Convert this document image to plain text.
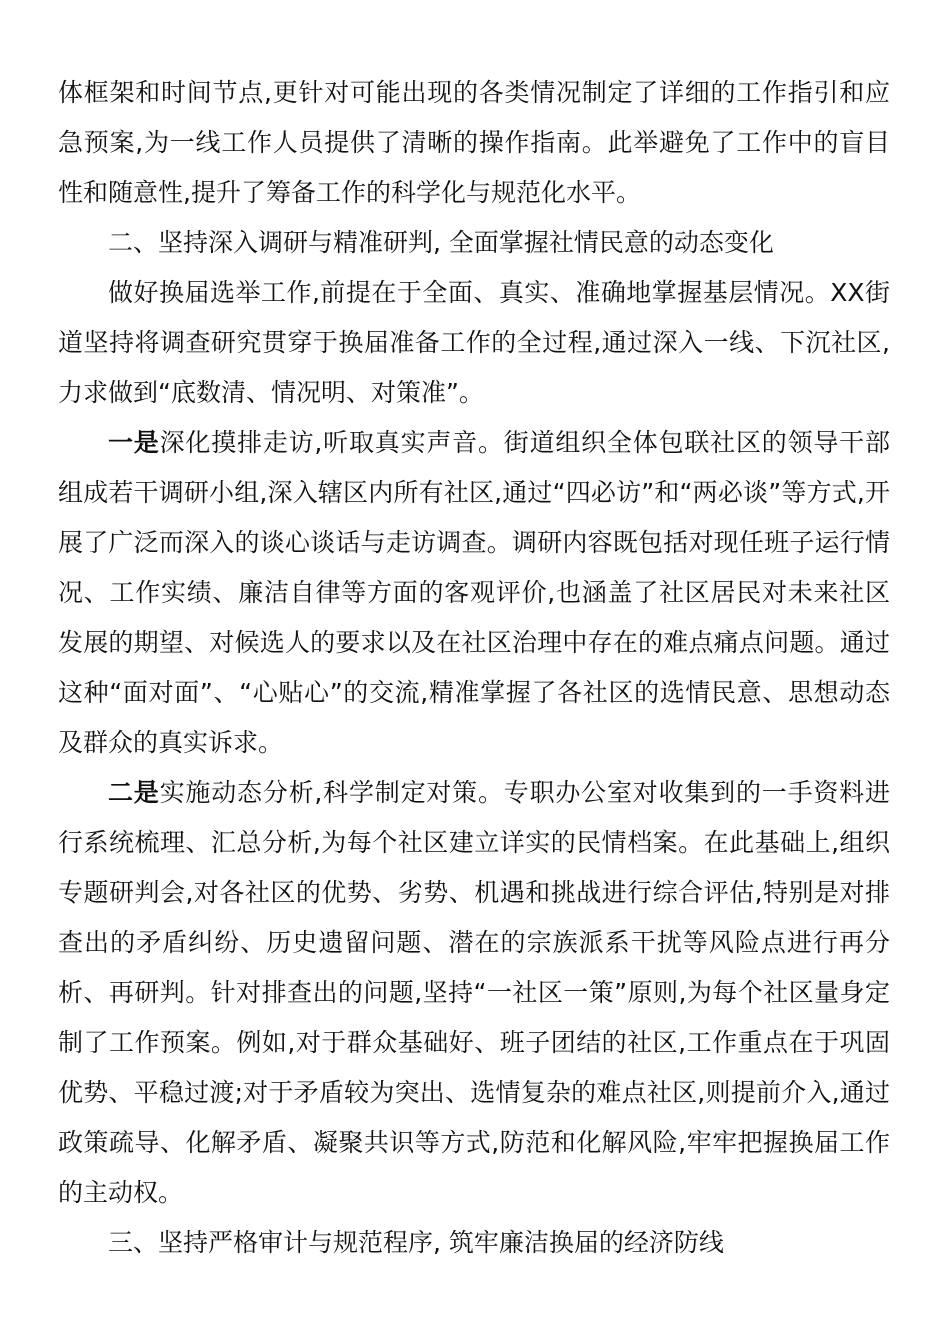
体框架和时间节点,更针对可能出现的各类情况制定了详细的工作指引和应急预案,为一线工作人员提供了清晰的操作指南。此举避免了工作中的盲目性和随意性,提升了筹备工作的科学化与规范化水平。

二、坚持深入调研与精准研判, 全面掌握社情民意的动态变化

做好换届选举工作,前提在于全面、真实、准确地掌握基层情况。XX街道坚持将调查研究贯穿于换届准备工作的全过程,通过深入一线、下沉社区,力求做到“底数清、情况明、对策准”。

一是深化摸排走访,听取真实声音。街道组织全体包联社区的领导干部组成若干调研小组,深入辖区内所有社区,通过“四必访”和“两必谈”等方式,开展了广泛而深入的谈心谈话与走访调查。调研内容既包括对现任班子运行情况、工作实绩、廉洁自律等方面的客观评价,也涵盖了社区居民对未来社区发展的期望、对候选人的要求以及在社区治理中存在的难点痛点问题。通过这种“面对面”、“心贴心”的交流,精准掌握了各社区的选情民意、思想动态及群众的真实诉求。

二是实施动态分析,科学制定对策。专职办公室对收集到的一手资料进行系统梳理、汇总分析,为每个社区建立详实的民情档案。在此基础上,组织专题研判会,对各社区的优势、劣势、机遇和挑战进行综合评估,特别是对排查出的矛盾纠纷、历史遗留问题、潜在的宗族派系干扰等风险点进行再分析、再研判。针对排查出的问题,坚持“一社区一策”原则,为每个社区量身定制了工作预案。例如,对于群众基础好、班子团结的社区,工作重点在于巩固优势、平稳过渡;对于矛盾较为突出、选情复杂的难点社区,则提前介入,通过政策疏导、化解矛盾、凝聚共识等方式,防范和化解风险,牢牢把握换届工作的主动权。

三、坚持严格审计与规范程序, 筑牢廉洁换届的经济防线
